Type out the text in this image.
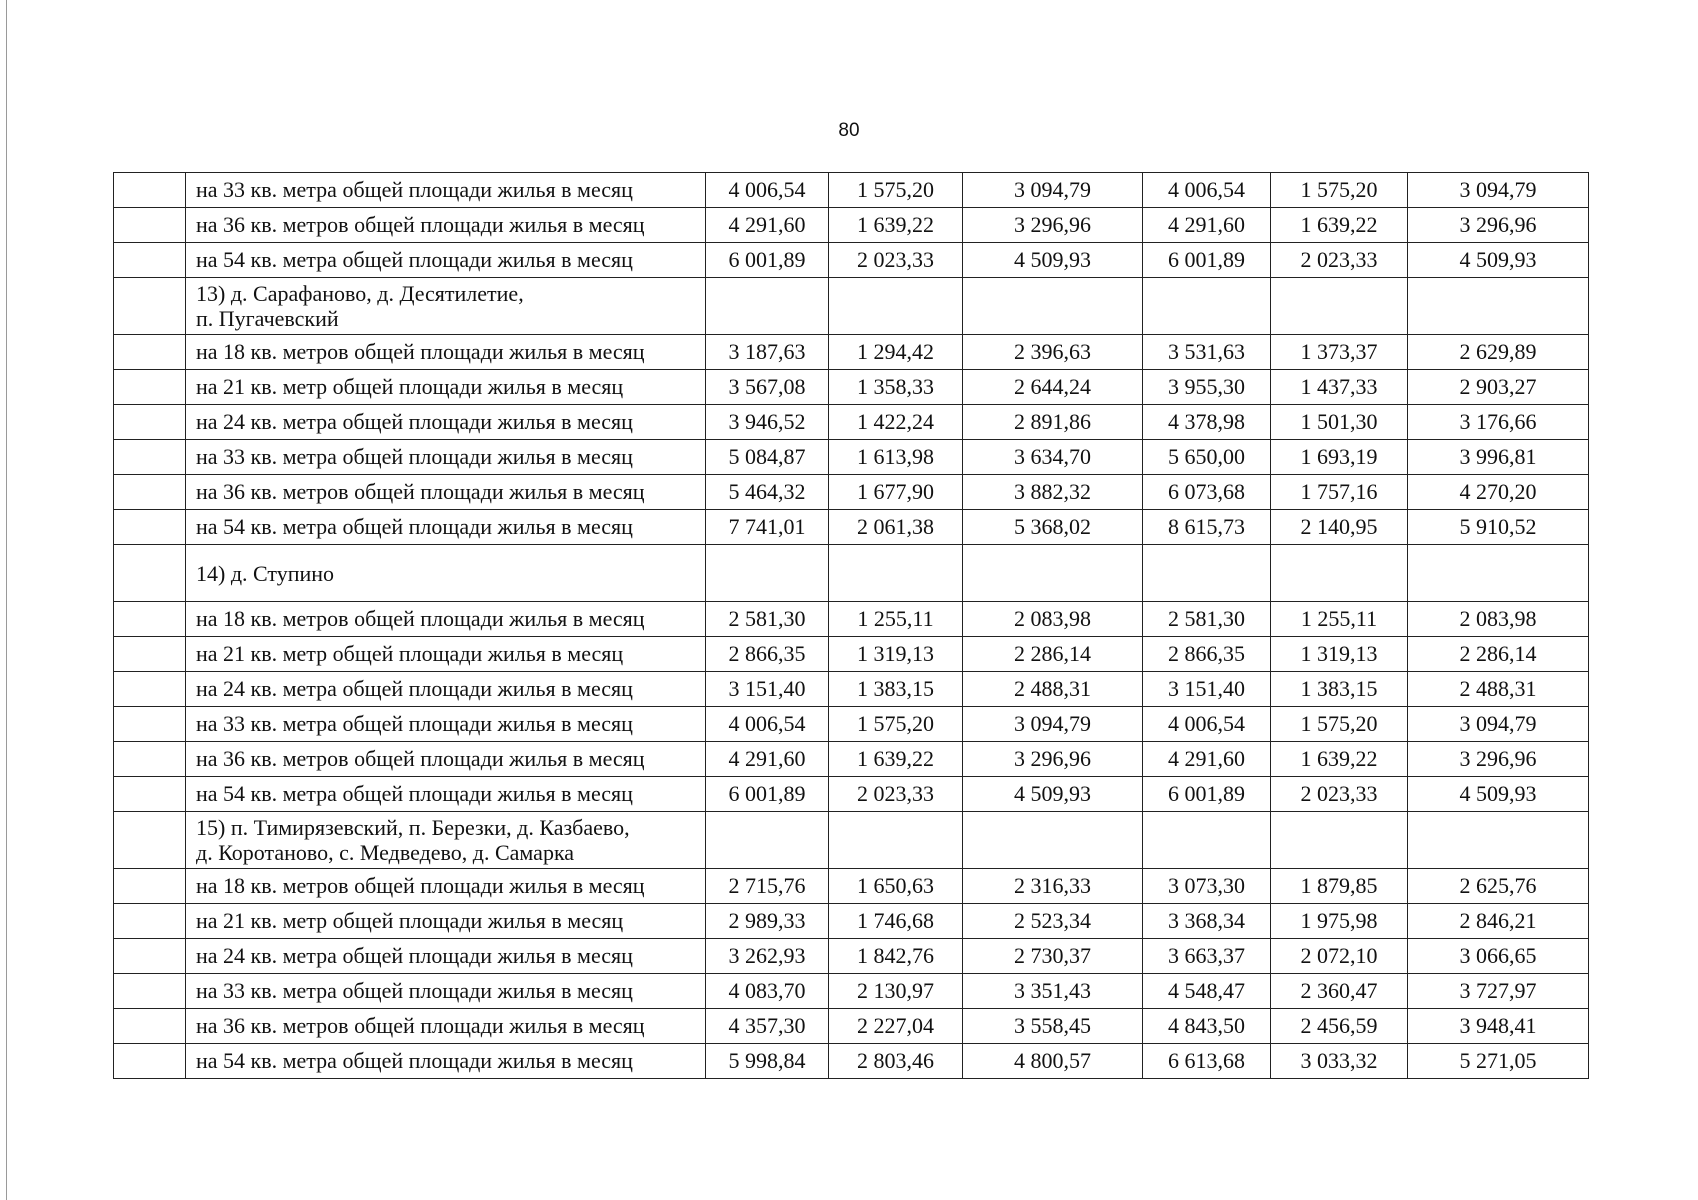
80
	на 33 кв. метра общей площади жилья в месяц	4 006,54	1 575,20	3 094,79	4 006,54	1 575,20	3 094,79
	на 36 кв. метров общей площади жилья в месяц	4 291,60	1 639,22	3 296,96	4 291,60	1 639,22	3 296,96
	на 54 кв. метра общей площади жилья в месяц	6 001,89	2 023,33	4 509,93	6 001,89	2 023,33	4 509,93

	13) д. Сарафаново, д. Десятилетие,
п. Пугачевский						

	на 18 кв. метров общей площади жилья в месяц	3 187,63	1 294,42	2 396,63	3 531,63	1 373,37	2 629,89
	на 21 кв. метр общей площади жилья в месяц	3 567,08	1 358,33	2 644,24	3 955,30	1 437,33	2 903,27
	на 24 кв. метра общей площади жилья в месяц	3 946,52	1 422,24	2 891,86	4 378,98	1 501,30	3 176,66
	на 33 кв. метра общей площади жилья в месяц	5 084,87	1 613,98	3 634,70	5 650,00	1 693,19	3 996,81
	на 36 кв. метров общей площади жилья в месяц	5 464,32	1 677,90	3 882,32	6 073,68	1 757,16	4 270,20
	на 54 кв. метра общей площади жилья в месяц	7 741,01	2 061,38	5 368,02	8 615,73	2 140,95	5 910,52

	14) д. Ступино						

	на 18 кв. метров общей площади жилья в месяц	2 581,30	1 255,11	2 083,98	2 581,30	1 255,11	2 083,98
	на 21 кв. метр общей площади жилья в месяц	2 866,35	1 319,13	2 286,14	2 866,35	1 319,13	2 286,14
	на 24 кв. метра общей площади жилья в месяц	3 151,40	1 383,15	2 488,31	3 151,40	1 383,15	2 488,31
	на 33 кв. метра общей площади жилья в месяц	4 006,54	1 575,20	3 094,79	4 006,54	1 575,20	3 094,79
	на 36 кв. метров общей площади жилья в месяц	4 291,60	1 639,22	3 296,96	4 291,60	1 639,22	3 296,96
	на 54 кв. метра общей площади жилья в месяц	6 001,89	2 023,33	4 509,93	6 001,89	2 023,33	4 509,93

	15) п. Тимирязевский, п. Березки, д. Казбаево,
д. Коротаново, с. Медведево, д. Самарка						

	на 18 кв. метров общей площади жилья в месяц	2 715,76	1 650,63	2 316,33	3 073,30	1 879,85	2 625,76
	на 21 кв. метр общей площади жилья в месяц	2 989,33	1 746,68	2 523,34	3 368,34	1 975,98	2 846,21
	на 24 кв. метра общей площади жилья в месяц	3 262,93	1 842,76	2 730,37	3 663,37	2 072,10	3 066,65
	на 33 кв. метра общей площади жилья в месяц	4 083,70	2 130,97	3 351,43	4 548,47	2 360,47	3 727,97
	на 36 кв. метров общей площади жилья в месяц	4 357,30	2 227,04	3 558,45	4 843,50	2 456,59	3 948,41
	на 54 кв. метра общей площади жилья в месяц	5 998,84	2 803,46	4 800,57	6 613,68	3 033,32	5 271,05
